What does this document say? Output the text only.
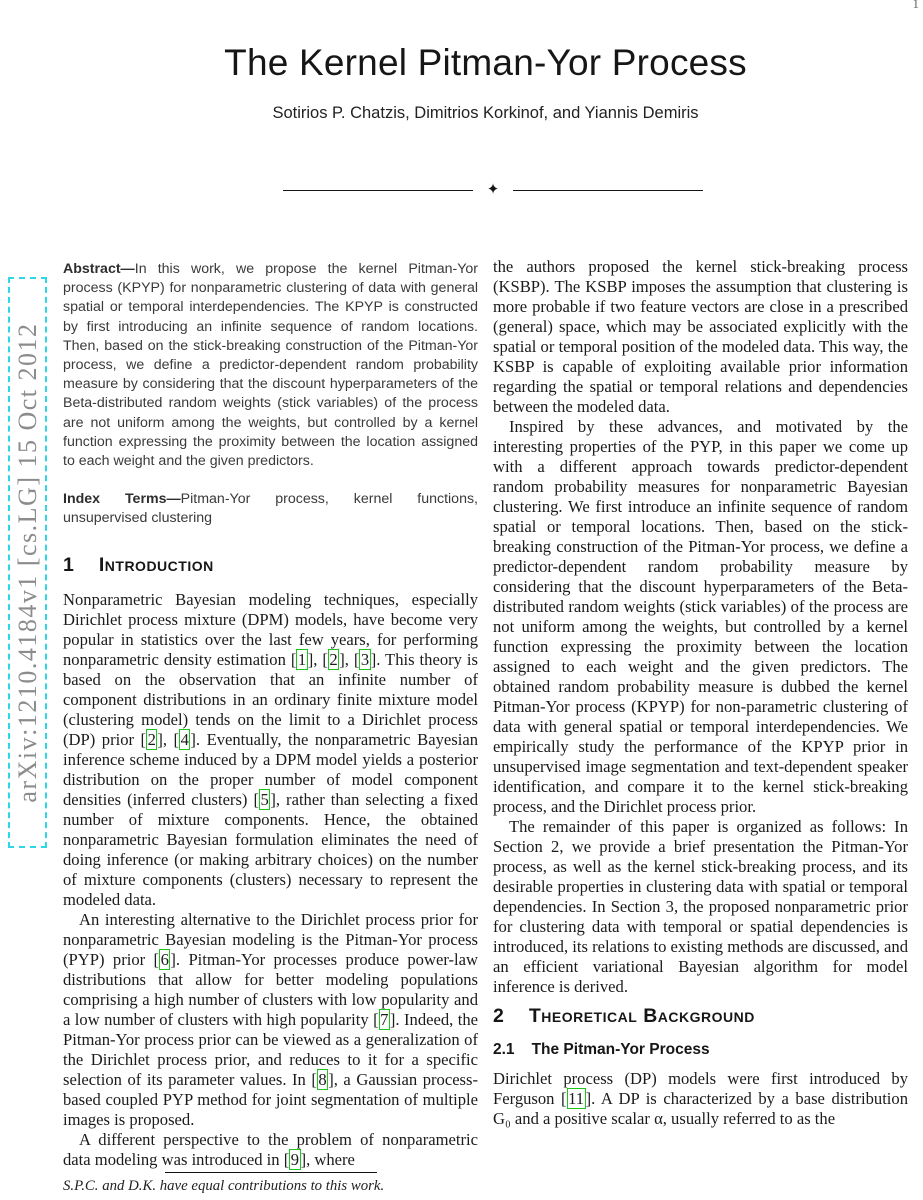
1
The Kernel Pitman-Yor Process
Sotirios P. Chatzis, Dimitrios Korkinof, and Yiannis Demiris
✦
arXiv:1210.4184v1 [cs.LG] 15 Oct 2012

Abstract—In this work, we propose the kernel Pitman-Yor process (KPYP) for nonparametric clustering of data with general spatial or temporal interdependencies. The KPYP is constructed by first introducing an infinite sequence of random locations. Then, based on the stick-breaking construction of the Pitman-Yor process, we define a predictor-dependent random probability measure by considering that the discount hyperparameters of the Beta-distributed random weights (stick variables) of the process are not uniform among the weights, but controlled by a kernel function expressing the proximity between the location assigned to each weight and the given predictors.

Index Terms—Pitman-Yor process, kernel functions, unsupervised clustering

1 Introduction

Nonparametric Bayesian modeling techniques, especially Dirichlet process mixture (DPM) models, have become very popular in statistics over the last few years, for performing nonparametric density estimation [1], [2], [3]. This theory is based on the observation that an infinite number of component distributions in an ordinary finite mixture model (clustering model) tends on the limit to a Dirichlet process (DP) prior [2], [4]. Eventually, the nonparametric Bayesian inference scheme induced by a DPM model yields a posterior distribution on the proper number of model component densities (inferred clusters) [5], rather than selecting a fixed number of mixture components. Hence, the obtained nonparametric Bayesian formulation eliminates the need of doing inference (or making arbitrary choices) on the number of mixture components (clusters) necessary to represent the modeled data.

An interesting alternative to the Dirichlet process prior for nonparametric Bayesian modeling is the Pitman-Yor process (PYP) prior [6]. Pitman-Yor processes produce power-law distributions that allow for better modeling populations comprising a high number of clusters with low popularity and a low number of clusters with high popularity [7]. Indeed, the Pitman-Yor process prior can be viewed as a generalization of the Dirichlet process prior, and reduces to it for a specific selection of its parameter values. In [8], a Gaussian process-based coupled PYP method for joint segmentation of multiple images is proposed.

A different perspective to the problem of nonparametric data modeling was introduced in [9], where

the authors proposed the kernel stick-breaking process (KSBP). The KSBP imposes the assumption that clustering is more probable if two feature vectors are close in a prescribed (general) space, which may be associated explicitly with the spatial or temporal position of the modeled data. This way, the KSBP is capable of exploiting available prior information regarding the spatial or temporal relations and dependencies between the modeled data.

Inspired by these advances, and motivated by the interesting properties of the PYP, in this paper we come up with a different approach towards predictor-dependent random probability measures for nonparametric Bayesian clustering. We first introduce an infinite sequence of random spatial or temporal locations. Then, based on the stick-breaking construction of the Pitman-Yor process, we define a predictor-dependent random probability measure by considering that the discount hyperparameters of the Beta-distributed random weights (stick variables) of the process are not uniform among the weights, but controlled by a kernel function expressing the proximity between the location assigned to each weight and the given predictors. The obtained random probability measure is dubbed the kernel Pitman-Yor process (KPYP) for non-parametric clustering of data with general spatial or temporal interdependencies. We empirically study the performance of the KPYP prior in unsupervised image segmentation and text-dependent speaker identification, and compare it to the kernel stick-breaking process, and the Dirichlet process prior.

The remainder of this paper is organized as follows: In Section 2, we provide a brief presentation the Pitman-Yor process, as well as the kernel stick-breaking process, and its desirable properties in clustering data with spatial or temporal dependencies. In Section 3, the proposed nonparametric prior for clustering data with temporal or spatial dependencies is introduced, its relations to existing methods are discussed, and an efficient variational Bayesian algorithm for model inference is derived.

2 Theoretical Background
2.1 The Pitman-Yor Process

Dirichlet process (DP) models were first introduced by Ferguson [11]. A DP is characterized by a base distribution G₀ and a positive scalar α, usually referred to as the

S.P.C. and D.K. have equal contributions to this work.
